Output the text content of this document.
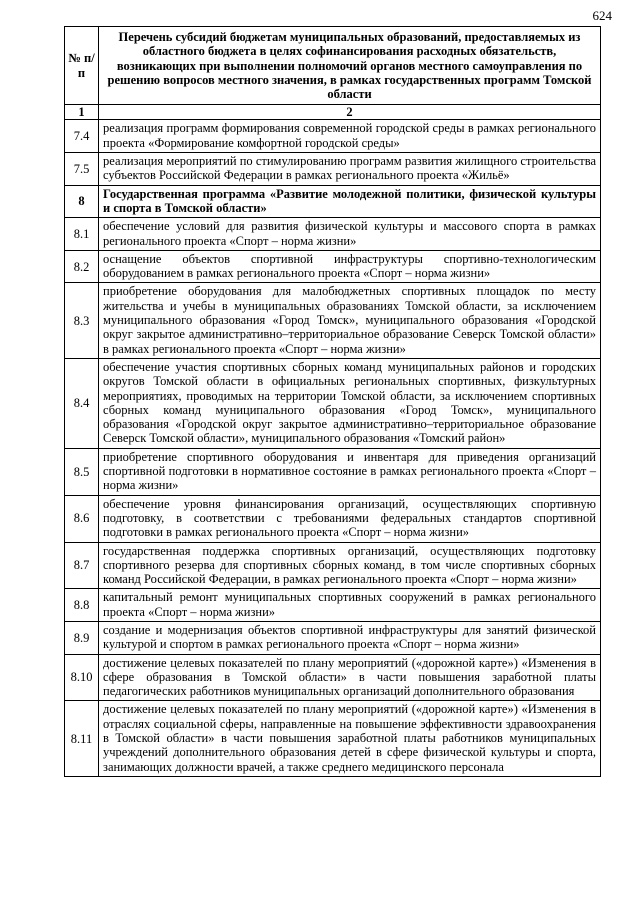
624
№ п/п	Перечень субсидий бюджетам муниципальных образований, предоставляемых из областного бюджета в целях софинансирования расходных обязательств, возникающих при выполнении полномочий органов местного самоуправления по решению вопросов местного значения, в рамках государственных программ Томской области
1	2
7.4	реализация программ формирования современной городской среды в рамках регионального проекта «Формирование комфортной городской среды»
7.5	реализация мероприятий по стимулированию программ развития жилищного строительства субъектов Российской Федерации в рамках регионального проекта «Жильё»
8	Государственная программа «Развитие молодежной политики, физической культуры и спорта в Томской области»
8.1	обеспечение условий для развития физической культуры и массового спорта в рамках регионального проекта «Спорт – норма жизни»
8.2	оснащение объектов спортивной инфраструктуры спортивно-технологическим оборудованием в рамках регионального проекта «Спорт – норма жизни»
8.3	приобретение оборудования для малобюджетных спортивных площадок по месту жительства и учебы в муниципальных образованиях Томской области, за исключением муниципального образования «Город Томск», муниципального образования «Городской округ закрытое административно–территориальное образование Северск Томской области» в рамках регионального проекта «Спорт – норма жизни»
8.4	обеспечение участия спортивных сборных команд муниципальных районов и городских округов Томской области в официальных региональных спортивных, физкультурных мероприятиях, проводимых на территории Томской области, за исключением спортивных сборных команд муниципального образования «Город Томск», муниципального образования «Городской округ закрытое административно–территориальное образование Северск Томской области», муниципального образования «Томский район»
8.5	приобретение спортивного оборудования и инвентаря для приведения организаций спортивной подготовки в нормативное состояние в рамках регионального проекта «Спорт – норма жизни»
8.6	обеспечение уровня финансирования организаций, осуществляющих спортивную подготовку, в соответствии с требованиями федеральных стандартов спортивной подготовки в рамках регионального проекта «Спорт – норма жизни»
8.7	государственная поддержка спортивных организаций, осуществляющих подготовку спортивного резерва для спортивных сборных команд, в том числе спортивных сборных команд Российской Федерации, в рамках регионального проекта «Спорт – норма жизни»
8.8	капитальный ремонт муниципальных спортивных сооружений в рамках регионального проекта «Спорт – норма жизни»
8.9	создание и модернизация объектов спортивной инфраструктуры для занятий физической культурой и спортом в рамках регионального проекта «Спорт – норма жизни»
8.10	достижение целевых показателей по плану мероприятий («дорожной карте») «Изменения в сфере образования в Томской области» в части повышения заработной платы педагогических работников муниципальных организаций дополнительного образования
8.11	достижение целевых показателей по плану мероприятий («дорожной карте») «Изменения в отраслях социальной сферы, направленные на повышение эффективности здравоохранения в Томской области» в части повышения заработной платы работников муниципальных учреждений дополнительного образования детей в сфере физической культуры и спорта, занимающих должности врачей, а также среднего медицинского персонала
